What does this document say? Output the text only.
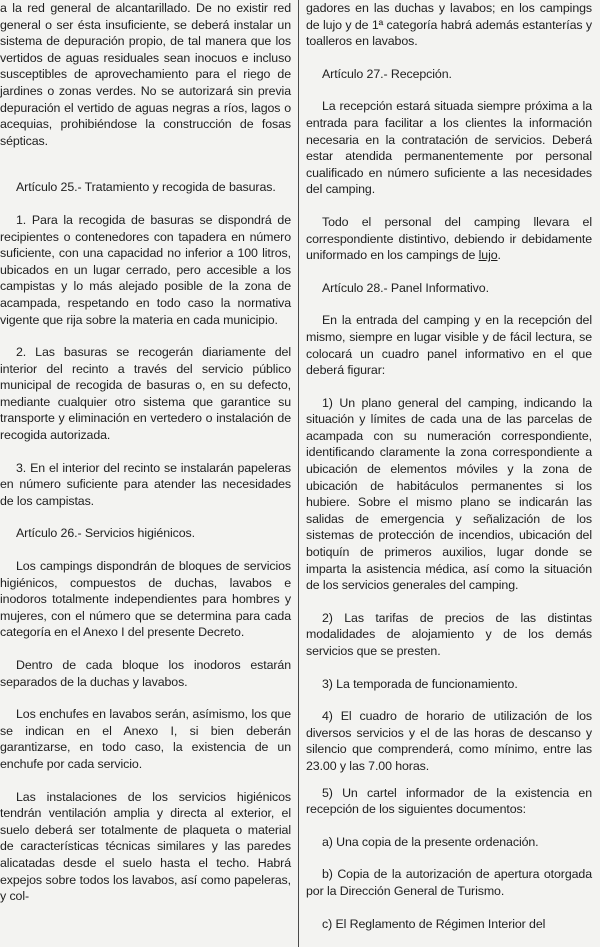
a la red general de alcantarillado. De no existir red general o ser ésta insuficiente, se deberá instalar un sistema de depuración propio, de tal manera que los vertidos de aguas residuales sean inocuos e incluso susceptibles de aprovechamiento para el riego de jardines o zonas verdes. No se autorizará sin previa depuración el vertido de aguas negras a ríos, lagos o acequias, prohibiéndose la construcción de fosas sépticas.

Artículo 25.- Tratamiento y recogida de basuras.

1. Para la recogida de basuras se dispondrá de recipientes o contenedores con tapadera en número suficiente, con una capacidad no inferior a 100 litros, ubicados en un lugar cerrado, pero accesible a los campistas y lo más alejado posible de la zona de acampada, respetando en todo caso la normativa vigente que rija sobre la materia en cada municipio.

2. Las basuras se recogerán diariamente del interior del recinto a través del servicio público municipal de recogida de basuras o, en su defecto, mediante cualquier otro sistema que garantice su transporte y eliminación en vertedero o instalación de recogida autorizada.

3. En el interior del recinto se instalarán papeleras en número suficiente para atender las necesidades de los campistas.

Artículo 26.- Servicios higiénicos.

Los campings dispondrán de bloques de servicios higiénicos, compuestos de duchas, lavabos e inodoros totalmente independientes para hombres y mujeres, con el número que se determina para cada categoría en el Anexo I del presente Decreto.

Dentro de cada bloque los inodoros estarán separados de la duchas y lavabos.

Los enchufes en lavabos serán, asímismo, los que se indican en el Anexo I, si bien deberán garantizarse, en todo caso, la existencia de un enchufe por cada servicio.

Las instalaciones de los servicios higiénicos tendrán ventilación amplia y directa al exterior, el suelo deberá ser totalmente de plaqueta o material de características técnicas similares y las paredes alicatadas desde el suelo hasta el techo. Habrá expejos sobre todos los lavabos, así como papeleras, y col-

gadores en las duchas y lavabos; en los campings de lujo y de 1ª categoría habrá además estanterías y toalleros en lavabos.

Artículo 27.- Recepción.

La recepción estará situada siempre próxima a la entrada para facilitar a los clientes la información necesaria en la contratación de servicios. Deberá estar atendida permanentemente por personal cualificado en número suficiente a las necesidades del camping.

Todo el personal del camping llevara el correspondiente distintivo, debiendo ir debidamente uniformado en los campings de lujo.

Artículo 28.- Panel Informativo.

En la entrada del camping y en la recepción del mismo, siempre en lugar visible y de fácil lectura, se colocará un cuadro panel informativo en el que deberá figurar:

1) Un plano general del camping, indicando la situación y límites de cada una de las parcelas de acampada con su numeración correspondiente, identificando claramente la zona correspondiente a ubicación de elementos móviles y la zona de ubicación de habitáculos permanentes si los hubiere. Sobre el mismo plano se indicarán las salidas de emergencia y señalización de los sistemas de protección de incendios, ubicación del botiquín de primeros auxilios, lugar donde se imparta la asistencia médica, así como la situación de los servicios generales del camping.

2) Las tarifas de precios de las distintas modalidades de alojamiento y de los demás servicios que se presten.

3) La temporada de funcionamiento.

4) El cuadro de horario de utilización de los diversos servicios y el de las horas de descanso y silencio que comprenderá, como mínimo, entre las 23.00 y las 7.00 horas.

5) Un cartel informador de la existencia en recepción de los siguientes documentos:

a) Una copia de la presente ordenación.

b) Copia de la autorización de apertura otorgada por la Dirección General de Turismo.

c) El Reglamento de Régimen Interior del
